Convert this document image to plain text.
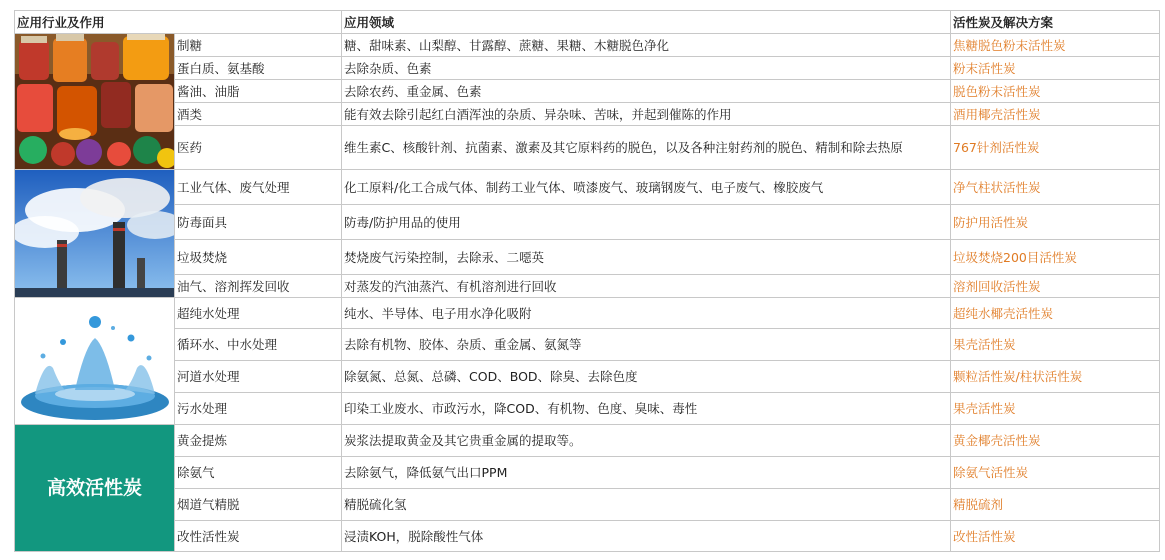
应用行业及作用		应用领域	活性炭及解决方案

	制糖	糖、甜味素、山梨醇、甘露醇、蔗糖、果糖、木糖脱色净化	焦糖脱色粉末活性炭
	蛋白质、氨基酸	去除杂质、色素	粉末活性炭
	酱油、油脂	去除农药、重金属、色素	脱色粉末活性炭
	酒类	能有效去除引起红白酒浑浊的杂质、异杂味、苦味，并起到催陈的作用	酒用椰壳活性炭
	医药	维生素C、核酸针剂、抗菌素、激素及其它原料药的脱色，以及各种注射药剂的脱色、精制和除去热原	767针剂活性炭

	工业气体、废气处理	化工原料/化工合成气体、制药工业气体、喷漆废气、玻璃钢废气、电子废气、橡胶废气	净气柱状活性炭
	防毒面具	防毒/防护用品的使用	防护用活性炭
	垃圾焚烧	焚烧废气污染控制，去除汞、二噁英	垃圾焚烧200目活性炭
	油气、溶剂挥发回收	对蒸发的汽油蒸汽、有机溶剂进行回收	溶剂回收活性炭

	超纯水处理	纯水、半导体、电子用水净化吸附	超纯水椰壳活性炭
	循环水、中水处理	去除有机物、胶体、杂质、重金属、氨氮等	果壳活性炭
	河道水处理	除氨氮、总氮、总磷、COD、BOD、除臭、去除色度	颗粒活性炭/柱状活性炭
	污水处理	印染工业废水、市政污水，降COD、有机物、色度、臭味、毒性	果壳活性炭
高效活性炭	黄金提炼	炭浆法提取黄金及其它贵重金属的提取等。	黄金椰壳活性炭
	除氨气	去除氨气，降低氨气出口PPM	除氨气活性炭
	烟道气精脱	精脱硫化氢	精脱硫剂
	改性活性炭	浸渍KOH，脱除酸性气体	改性活性炭
